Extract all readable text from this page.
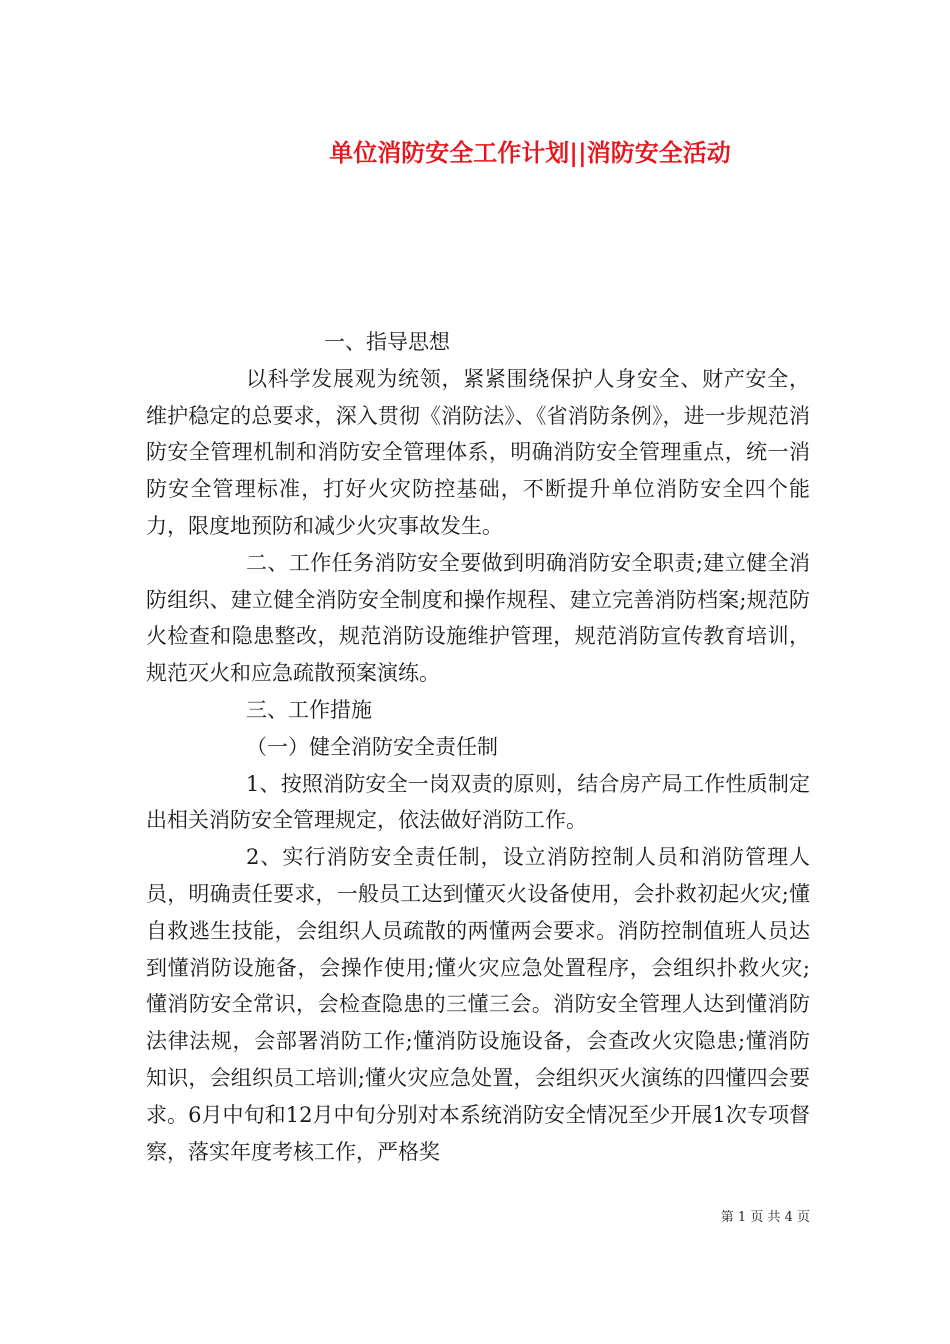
单位消防安全工作计划||消防安全活动

一、指导思想

以科学发展观为统领，紧紧围绕保护人身安全、财产安全，维护稳定的总要求，深入贯彻《消防法》、《省消防条例》，进一步规范消防安全管理机制和消防安全管理体系，明确消防安全管理重点，统一消防安全管理标准，打好火灾防控基础，不断提升单位消防安全四个能力，限度地预防和减少火灾事故发生。

二、工作任务消防安全要做到明确消防安全职责;建立健全消防组织、建立健全消防安全制度和操作规程、建立完善消防档案;规范防火检查和隐患整改，规范消防设施维护管理，规范消防宣传教育培训，规范灭火和应急疏散预案演练。

三、工作措施

（一）健全消防安全责任制

1、按照消防安全一岗双责的原则，结合房产局工作性质制定出相关消防安全管理规定，依法做好消防工作。

2、实行消防安全责任制，设立消防控制人员和消防管理人员，明确责任要求，一般员工达到懂灭火设备使用，会扑救初起火灾;懂自救逃生技能，会组织人员疏散的两懂两会要求。消防控制值班人员达到懂消防设施备，会操作使用;懂火灾应急处置程序，会组织扑救火灾;懂消防安全常识，会检查隐患的三懂三会。消防安全管理人达到懂消防法律法规，会部署消防工作;懂消防设施设备，会查改火灾隐患;懂消防知识，会组织员工培训;懂火灾应急处置，会组织灭火演练的四懂四会要求。6月中旬和12月中旬分别对本系统消防安全情况至少开展1次专项督察，落实年度考核工作，严格奖

第 1 页 共 4 页
